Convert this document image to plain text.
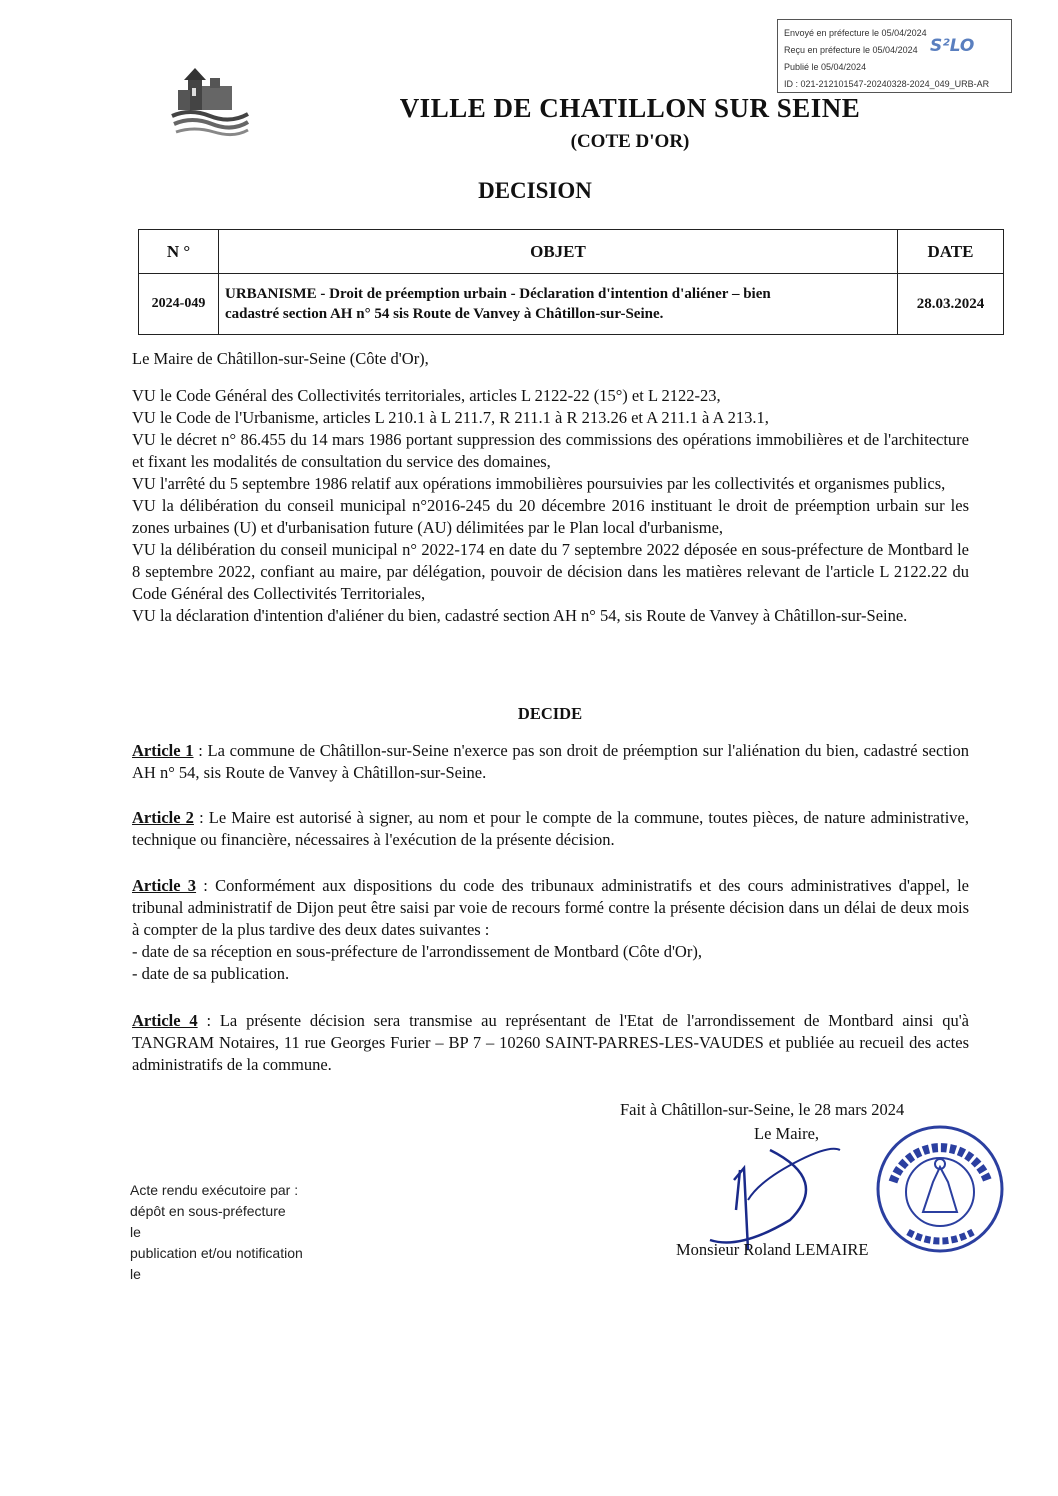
Envoyé en préfecture le 05/04/2024
Reçu en préfecture le 05/04/2024
Publié le 05/04/2024
ID : 021-212101547-20240328-2024_049_URB-AR
S²LO
VILLE DE CHATILLON SUR SEINE
(COTE D'OR)
DECISION
N °	OBJET	DATE
2024-049	URBANISME - Droit de préemption urbain - Déclaration d'intention d'aliéner – bien
cadastré section AH n° 54 sis Route de Vanvey à Châtillon-sur-Seine.	28.03.2024
Le Maire de Châtillon-sur-Seine (Côte d'Or),
VU le Code Général des Collectivités territoriales, articles L 2122-22 (15°) et L 2122-23,
VU le Code de l'Urbanisme, articles L 210.1 à L 211.7, R 211.1 à R 213.26 et A 211.1 à A 213.1,
VU le décret n° 86.455 du 14 mars 1986 portant suppression des commissions des opérations immobilières et de l'architecture et fixant les modalités de consultation du service des domaines,
VU l'arrêté du 5 septembre 1986 relatif aux opérations immobilières poursuivies par les collectivités et organismes publics,
VU la délibération du conseil municipal n°2016-245 du 20 décembre 2016 instituant le droit de préemption urbain sur les zones urbaines (U) et d'urbanisation future (AU) délimitées par le Plan local d'urbanisme,
VU la délibération du conseil municipal n° 2022-174 en date du 7 septembre 2022 déposée en sous-préfecture de Montbard le 8 septembre 2022, confiant au maire, par délégation, pouvoir de décision dans les matières relevant de l'article L 2122.22 du Code Général des Collectivités Territoriales,
VU la déclaration d'intention d'aliéner du bien, cadastré section AH n° 54, sis Route de Vanvey à Châtillon-sur-Seine.
DECIDE
Article 1 : La commune de Châtillon-sur-Seine n'exerce pas son droit de préemption sur l'aliénation du bien, cadastré section AH n° 54, sis Route de Vanvey à Châtillon-sur-Seine.
Article 2 : Le Maire est autorisé à signer, au nom et pour le compte de la commune, toutes pièces, de nature administrative, technique ou financière, nécessaires à l'exécution de la présente décision.
Article 3 : Conformément aux dispositions du code des tribunaux administratifs et des cours administratives d'appel, le tribunal administratif de Dijon peut être saisi par voie de recours formé contre la présente décision dans un délai de deux mois à compter de la plus tardive des deux dates suivantes :
- date de sa réception en sous-préfecture de l'arrondissement de Montbard (Côte d'Or),
- date de sa publication.
Article 4 : La présente décision sera transmise au représentant de l'Etat de l'arrondissement de Montbard ainsi qu'à TANGRAM Notaires, 11 rue Georges Furier – BP 7 – 10260 SAINT-PARRES-LES-VAUDES et publiée au recueil des actes administratifs de la commune.
Fait à Châtillon-sur-Seine, le 28 mars 2024
Le Maire,
Monsieur Roland LEMAIRE
Acte rendu exécutoire par :
dépôt en sous-préfecture
le
publication et/ou notification
le
